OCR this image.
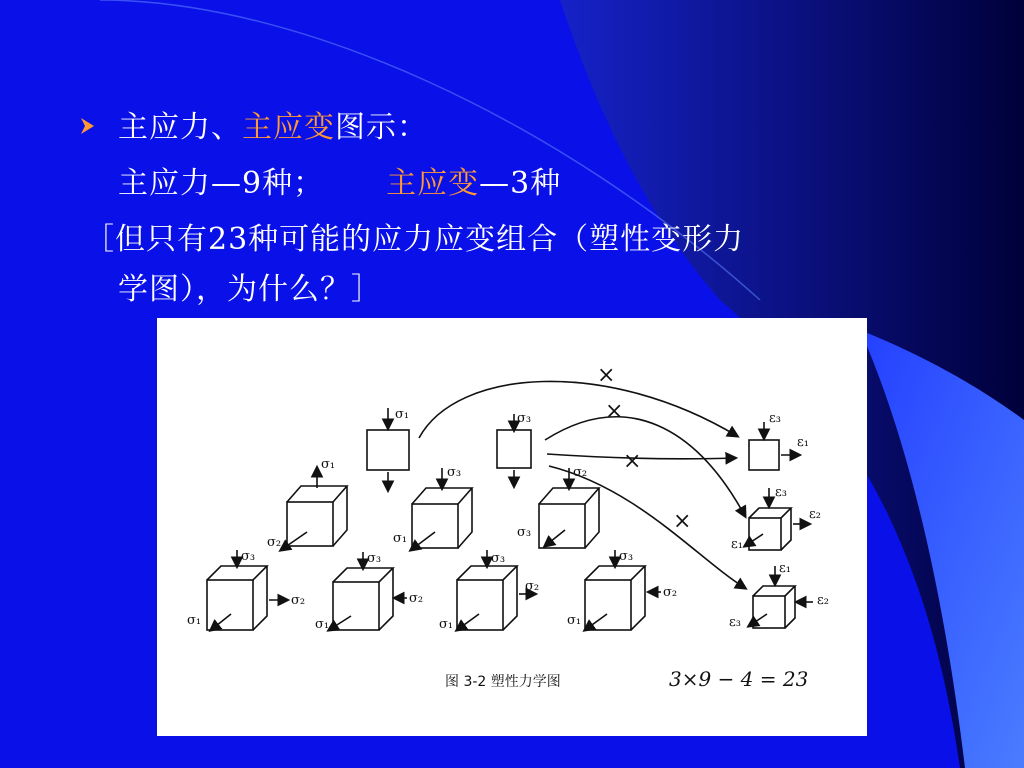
主应力、主应变图示：
主应力—9种； 主应变—3种
［但只有23种可能的应力应变组合（塑性变形力
学图），为什么？］
σ₁	σ₃
σ₁
σ₂
σ₃
σ₁
σ₂
σ₃
σ₃
σ₂
σ₁
σ₃
σ₂
σ₁
σ₃
σ₂
σ₁
σ₃
σ₂
σ₁
ε₃
ε₁
ε₃
ε₂
ε₁
ε₁
ε₂
ε₃
×
×
×
×
图 3-2 塑性力学图	3×9 − 4 = 23
